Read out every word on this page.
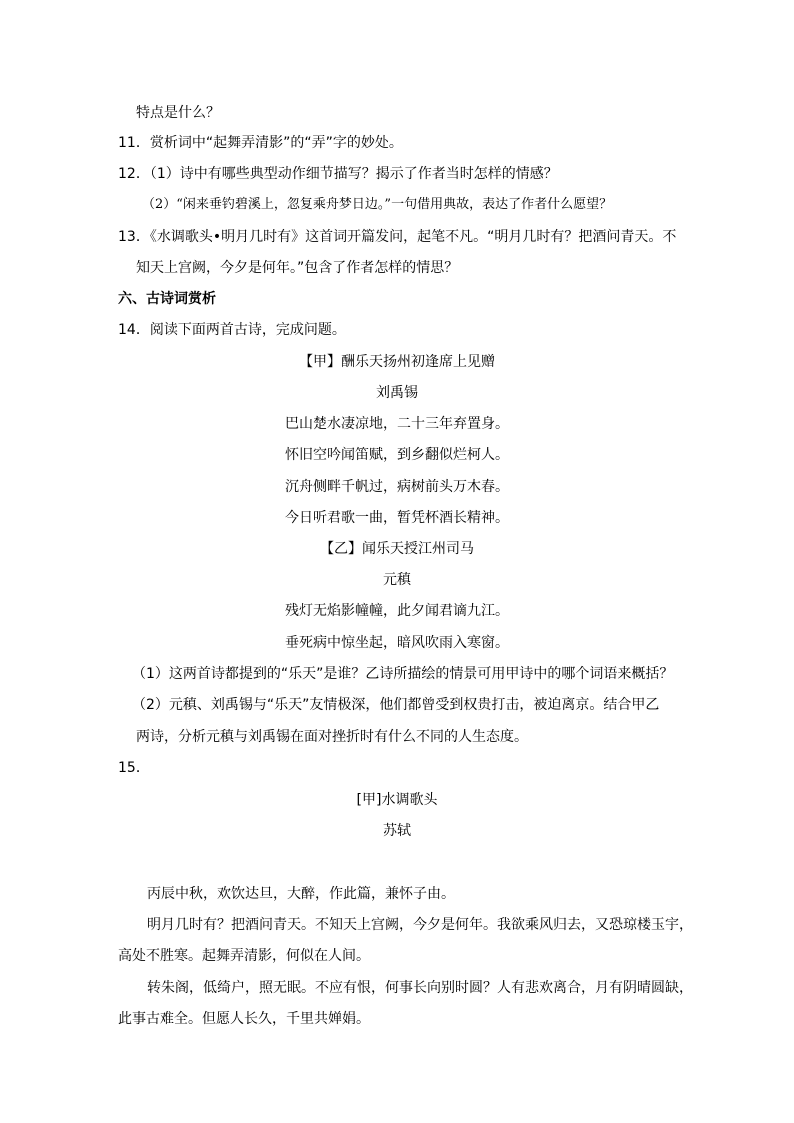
特点是什么？
11．赏析词中“起舞弄清影”的“弄”字的妙处。
12．（1）诗中有哪些典型动作细节描写？揭示了作者当时怎样的情感？
（2）“闲来垂钓碧溪上，忽复乘舟梦日边。”一句借用典故，表达了作者什么愿望？
13．《水调歌头•明月几时有》这首词开篇发问，起笔不凡。“明月几时有？把酒问青天。不
知天上宫阙，今夕是何年。”包含了作者怎样的情思？
六、古诗词赏析
14．阅读下面两首古诗，完成问题。
【甲】酬乐天扬州初逢席上见赠
刘禹锡
巴山楚水凄凉地，二十三年弃置身。
怀旧空吟闻笛赋，到乡翻似烂柯人。
沉舟侧畔千帆过，病树前头万木春。
今日听君歌一曲，暂凭杯酒长精神。
【乙】闻乐天授江州司马
元稹
残灯无焰影幢幢，此夕闻君谪九江。
垂死病中惊坐起，暗风吹雨入寒窗。
（1）这两首诗都提到的“乐天”是谁？乙诗所描绘的情景可用甲诗中的哪个词语来概括？
（2）元稹、刘禹锡与“乐天”友情极深，他们都曾受到权贵打击，被迫离京。结合甲乙
两诗，分析元稹与刘禹锡在面对挫折时有什么不同的人生态度。
15．
[甲]水调歌头
苏轼
丙辰中秋，欢饮达旦，大醉，作此篇，兼怀子由。
明月几时有？把酒问青天。不知天上宫阙，今夕是何年。我欲乘风归去，又恐琼楼玉宇，
高处不胜寒。起舞弄清影，何似在人间。
转朱阁，低绮户，照无眠。不应有恨，何事长向别时圆？人有悲欢离合，月有阴晴圆缺，
此事古难全。但愿人长久，千里共婵娟。
